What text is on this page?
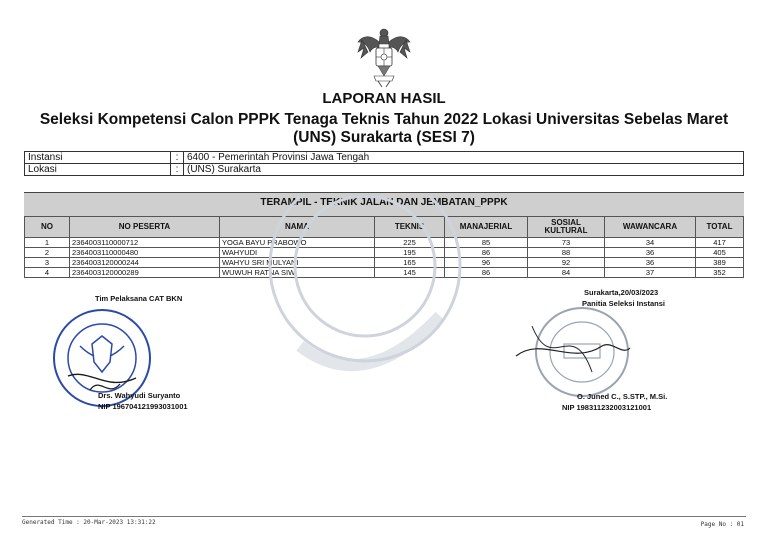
LAPORAN HASIL
Seleksi Kompetensi Calon PPPK Tenaga Teknis Tahun 2022 Lokasi Universitas Sebelas Maret (UNS) Surakarta (SESI 7)
Instansi	:	6400 - Pemerintah Provinsi Jawa Tengah
Lokasi	:	(UNS) Surakarta
TERAMPIL - TEKNIK JALAN DAN JEMBATAN_PPPK
NO	NO PESERTA	NAMA	TEKNIS	MANAJERIAL	SOSIAL KULTURAL	WAWANCARA	TOTAL
1	2364003110000712	YOGA BAYU PRABOWO	225	85	73	34	417
2	2364003110000480	WAHYUDI	195	86	88	36	405
3	2364003120000244	WAHYU SRI MULYANI	165	96	92	36	389
4	2364003120000289	WUWUH RATNA SIWI	145	86	84	37	352
Tim Pelaksana CAT BKN
Drs. Wahyudi Suryanto
NIP 196704121993031001
Surakarta,20/03/2023
Panitia Seleksi Instansi
O. Juned C., S.STP., M.Si.
NIP 198311232003121001
Generated Time : 20-Mar-2023 13:31:22	Page No : 01
